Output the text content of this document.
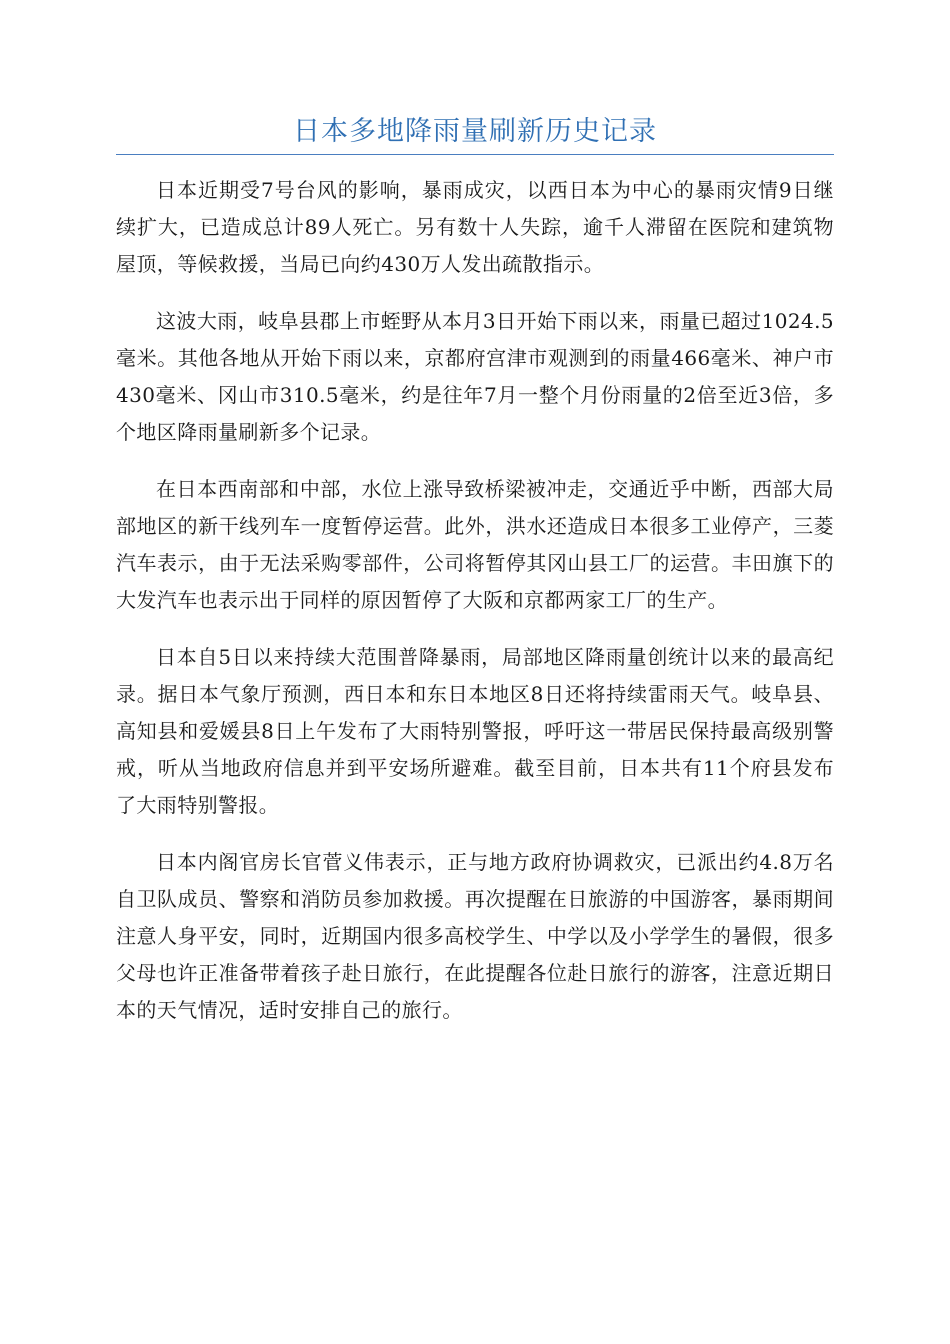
日本多地降雨量刷新历史记录

日本近期受7号台风的影响，暴雨成灾，以西日本为中心的暴雨灾情9日继续扩大，已造成总计89人死亡。另有数十人失踪，逾千人滞留在医院和建筑物屋顶，等候救援，当局已向约430万人发出疏散指示。

这波大雨，岐阜县郡上市蛭野从本月3日开始下雨以来，雨量已超过1024.5毫米。其他各地从开始下雨以来，京都府宫津市观测到的雨量466毫米、神户市430毫米、冈山市310.5毫米，约是往年7月一整个月份雨量的2倍至近3倍，多个地区降雨量刷新多个记录。

在日本西南部和中部，水位上涨导致桥梁被冲走，交通近乎中断，西部大局部地区的新干线列车一度暂停运营。此外，洪水还造成日本很多工业停产，三菱汽车表示，由于无法采购零部件，公司将暂停其冈山县工厂的运营。丰田旗下的大发汽车也表示出于同样的原因暂停了大阪和京都两家工厂的生产。

日本自5日以来持续大范围普降暴雨，局部地区降雨量创统计以来的最高纪录。据日本气象厅预测，西日本和东日本地区8日还将持续雷雨天气。岐阜县、高知县和爱媛县8日上午发布了大雨特别警报，呼吁这一带居民保持最高级别警戒，听从当地政府信息并到平安场所避难。截至目前，日本共有11个府县发布了大雨特别警报。

日本内阁官房长官菅义伟表示，正与地方政府协调救灾，已派出约4.8万名自卫队成员、警察和消防员参加救援。再次提醒在日旅游的中国游客，暴雨期间注意人身平安，同时，近期国内很多高校学生、中学以及小学学生的暑假，很多父母也许正准备带着孩子赴日旅行，在此提醒各位赴日旅行的游客，注意近期日本的天气情况，适时安排自己的旅行。
